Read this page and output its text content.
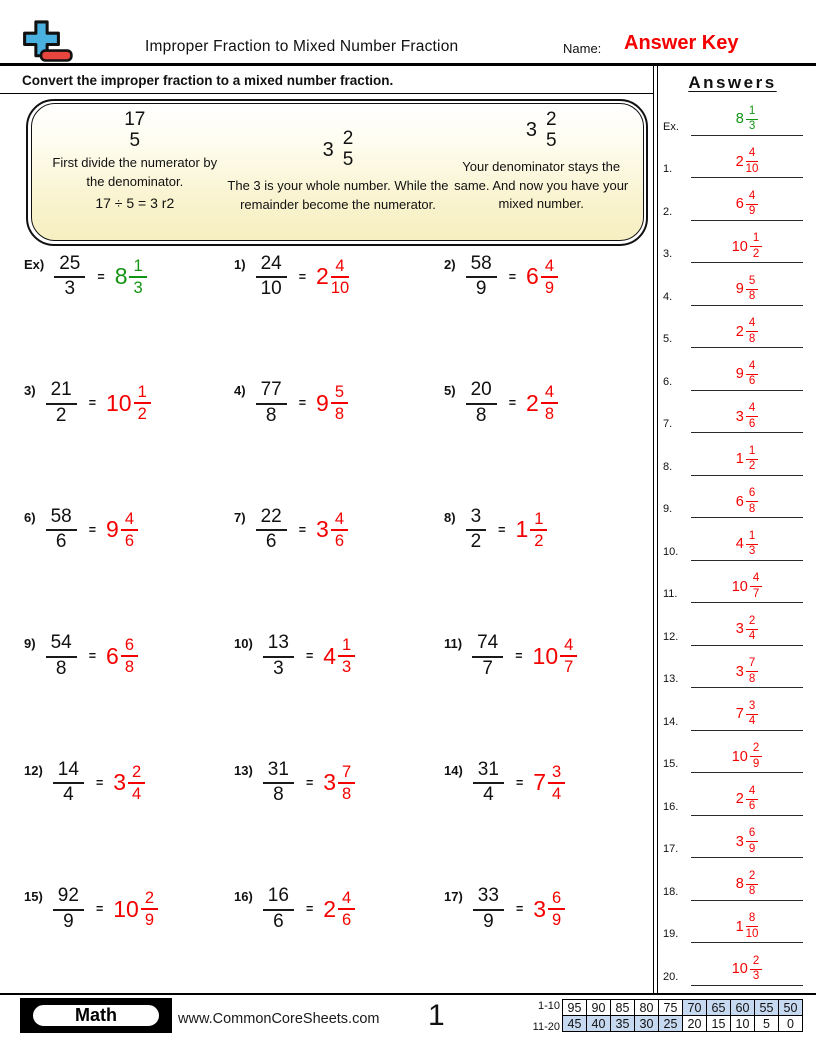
Improper Fraction to Mixed Number Fraction	Name: Answer Key
Convert the improper fraction to a mixed number fraction.
17
5
First divide the numerator by the denominator.
17 ÷ 5 = 3 r2
3 2
5
The 3 is your whole number. While the remainder become the numerator.
3 2
5
Your denominator stays the same. And now you have your mixed number.
$Ex) \frac{25}{3} = 8 \frac{1}{3}$	$1) \frac{24}{10} = 2 \frac{4}{10}$	$2) \frac{58}{9} = 6 \frac{4}{9}$
$3) \frac{21}{2} = 10 \frac{1}{2}$	$4) \frac{77}{8} = 9 \frac{5}{8}$	$5) \frac{20}{8} = 2 \frac{4}{8}$
$6) \frac{58}{6} = 9 \frac{4}{6}$	$7) \frac{22}{6} = 3 \frac{4}{6}$	$8) \frac{3}{2} = 1 \frac{1}{2}$
$9) \frac{54}{8} = 6 \frac{6}{8}$	$10) \frac{13}{3} = 4 \frac{1}{3}$	$11) \frac{74}{7} = 10 \frac{4}{7}$
$12) \frac{14}{4} = 3 \frac{2}{4}$	$13) \frac{31}{8} = 3 \frac{7}{8}$	$14) \frac{31}{4} = 7 \frac{3}{4}$
$15) \frac{92}{9} = 10 \frac{2}{9}$	$16) \frac{16}{6} = 2 \frac{4}{6}$	$17) \frac{33}{9} = 3 \frac{6}{9}$
Answers
Ex.	$8 \frac{1}{3}$
1.	$2 \frac{4}{10}$
2.	$6 \frac{4}{9}$
3.	$10 \frac{1}{2}$
4.	$9 \frac{5}{8}$
5.	$2 \frac{4}{8}$
6.	$9 \frac{4}{6}$
7.	$3 \frac{4}{6}$
8.	$1 \frac{1}{2}$
9.	$6 \frac{6}{8}$
10.	$4 \frac{1}{3}$
11.	$10 \frac{4}{7}$
12.	$3 \frac{2}{4}$
13.	$3 \frac{7}{8}$
14.	$7 \frac{3}{4}$
15.	$10 \frac{2}{9}$
16.	$2 \frac{4}{6}$
17.	$3 \frac{6}{9}$
18.	$8 \frac{2}{8}$
19.	$1 \frac{8}{10}$
20.	$10 \frac{2}{3}$
Math	www.CommonCoreSheets.com 1	1-10
11-20
95 90 85 80 75 70 65 60 55 50
45 40 35 30 25 20 15 10	5	0
